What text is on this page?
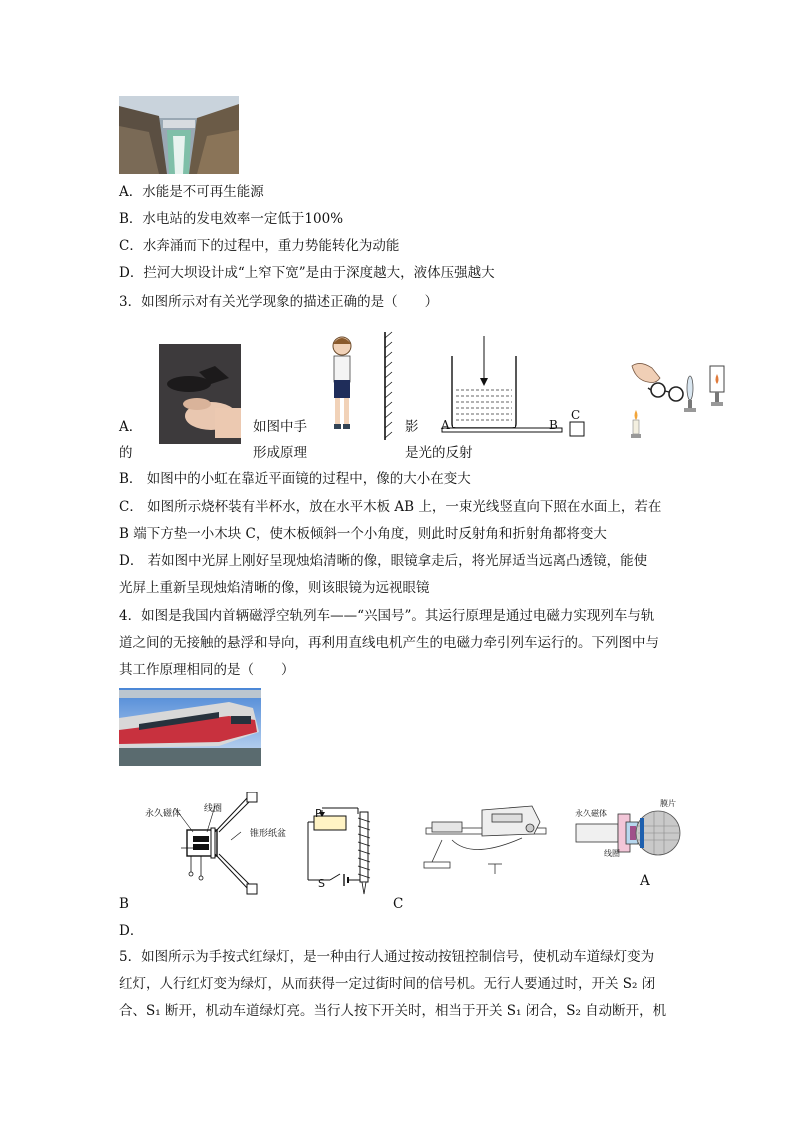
A．水能是不可再生能源
B．水电站的发电效率一定低于100%
C．水奔涌而下的过程中，重力势能转化为动能
D．拦河大坝设计成“上窄下宽”是由于深度越大，液体压强越大
3．如图所示对有关光学现象的描述正确的是（　　）
A．	如图中手	影
的	形成原理	是光的反射
A	B
C
B． 如图中的小虹在靠近平面镜的过程中，像的大小在变大
C． 如图所示烧杯装有半杯水，放在水平木板 AB 上，一束光线竖直向下照在水面上，若在
B 端下方垫一小木块 C，使木板倾斜一个小角度，则此时反射角和折射角都将变大
D． 若如图中光屏上刚好呈现烛焰清晰的像，眼镜拿走后，将光屏适当远离凸透镜，能使
光屏上重新呈现烛焰清晰的像，则该眼镜为远视眼镜
4．如图是我国内首辆磁浮空轨列车——“兴国号”。其运行原理是通过电磁力实现列车与轨
道之间的无接触的悬浮和导向，再利用直线电机产生的电磁力牵引列车运行的。下列图中与
其工作原理相同的是（　　）
永久磁体	线圈
锥形纸盆
P
S
永久磁体
膜片
线圈
B	C
A
D．
5．如图所示为手按式红绿灯，是一种由行人通过按动按钮控制信号，使机动车道绿灯变为
红灯，人行红灯变为绿灯，从而获得一定过街时间的信号机。无行人要通过时，开关 S₂ 闭
合、S₁ 断开，机动车道绿灯亮。当行人按下开关时，相当于开关 S₁ 闭合，S₂ 自动断开，机
